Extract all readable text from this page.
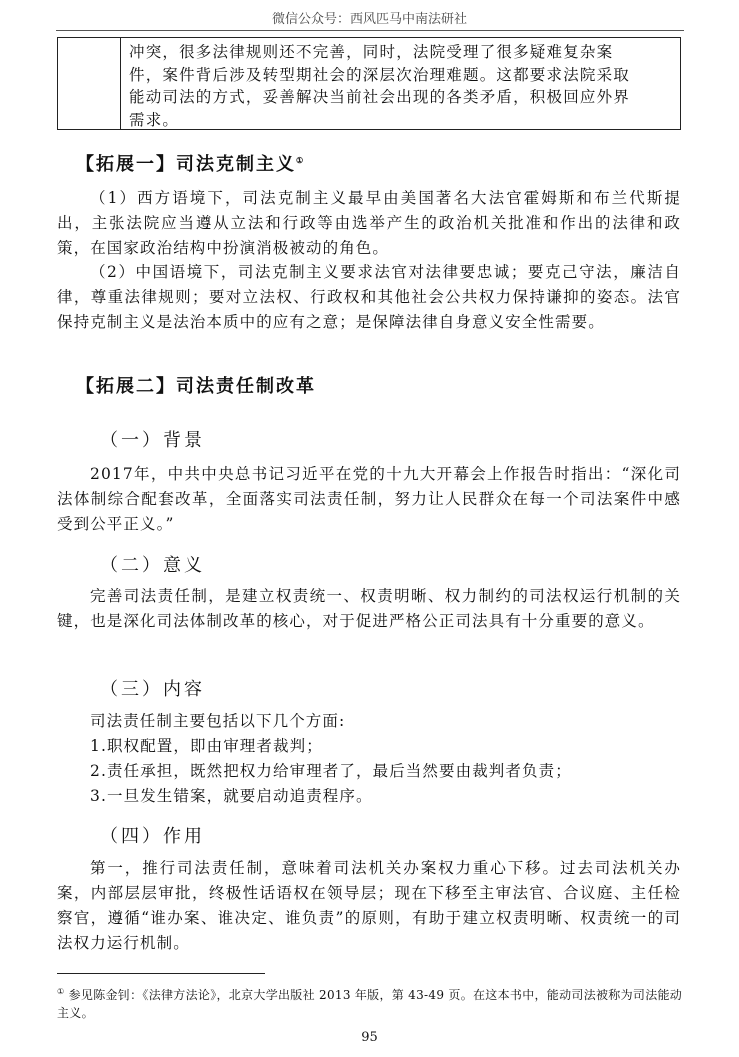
微信公众号：西风匹马中南法研社
冲突，很多法律规则还不完善，同时，法院受理了很多疑难复杂案
件，案件背后涉及转型期社会的深层次治理难题。这都要求法院采取
能动司法的方式，妥善解决当前社会出现的各类矛盾，积极回应外界
需求。
【拓展一】司法克制主义①

（1）西方语境下，司法克制主义最早由美国著名大法官霍姆斯和布兰代斯提出，主张法院应当遵从立法和行政等由选举产生的政治机关批准和作出的法律和政策，在国家政治结构中扮演消极被动的角色。

（2）中国语境下，司法克制主义要求法官对法律要忠诚；要克己守法，廉洁自律，尊重法律规则；要对立法权、行政权和其他社会公共权力保持谦抑的姿态。法官保持克制主义是法治本质中的应有之意；是保障法律自身意义安全性需要。

【拓展二】司法责任制改革
（一）背景

2017年，中共中央总书记习近平在党的十九大开幕会上作报告时指出：“深化司法体制综合配套改革，全面落实司法责任制，努力让人民群众在每一个司法案件中感受到公平正义。”

（二）意义

完善司法责任制，是建立权责统一、权责明晰、权力制约的司法权运行机制的关键，也是深化司法体制改革的核心，对于促进严格公正司法具有十分重要的意义。

（三）内容

司法责任制主要包括以下几个方面:

1.职权配置，即由审理者裁判；

2.责任承担，既然把权力给审理者了，最后当然要由裁判者负责；

3.一旦发生错案，就要启动追责程序。

（四）作用

第一，推行司法责任制，意味着司法机关办案权力重心下移。过去司法机关办案，内部层层审批，终极性话语权在领导层；现在下移至主审法官、合议庭、主任检察官，遵循“谁办案、谁决定、谁负责”的原则，有助于建立权责明晰、权责统一的司法权力运行机制。

① 参见陈金钊：《法律方法论》，北京大学出版社 2013 年版，第 43-49 页。在这本书中，能动司法被称为司法能动主义。

95
